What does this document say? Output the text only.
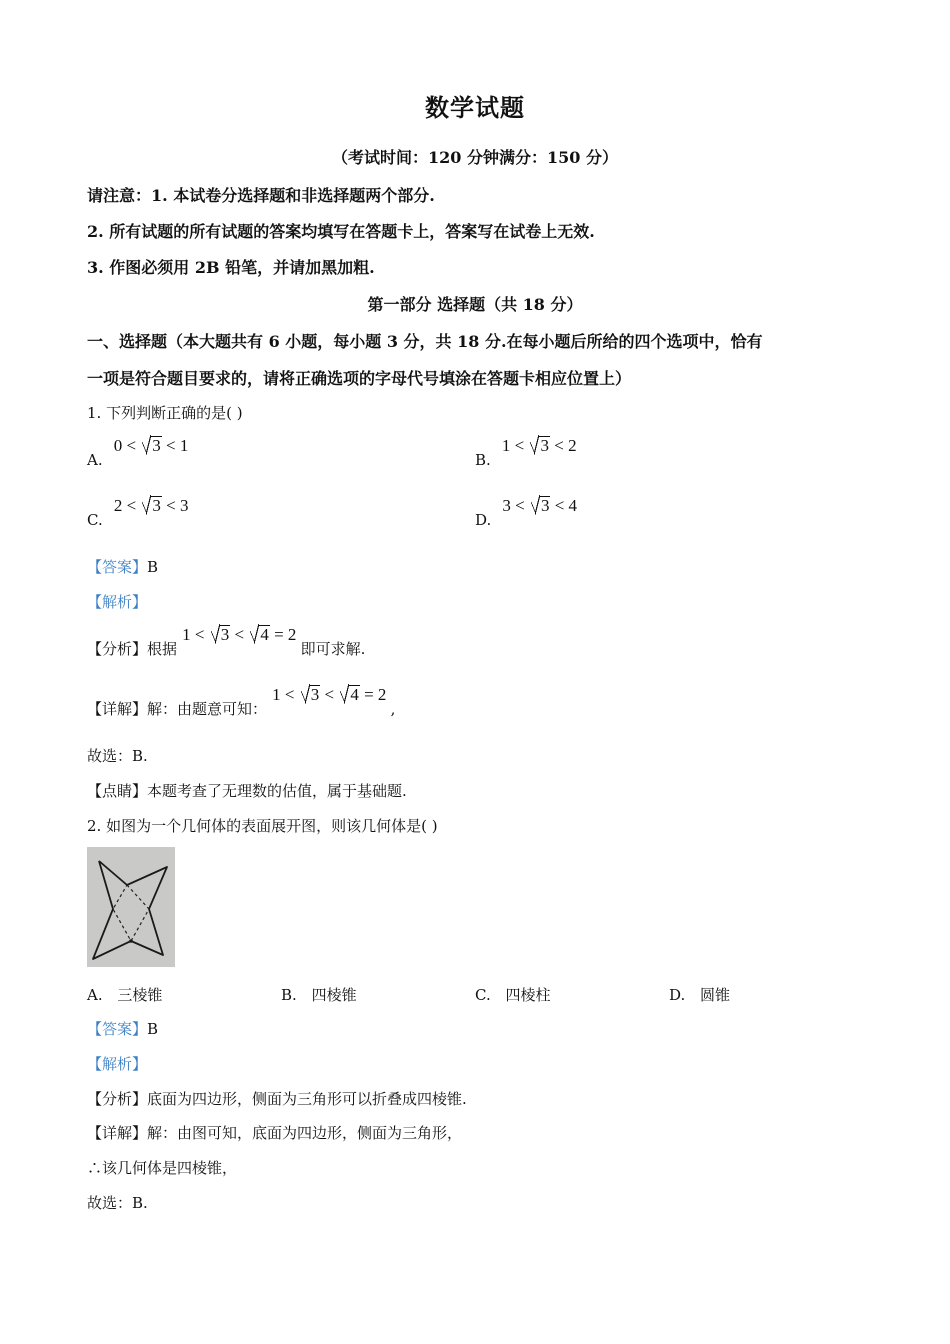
数学试题
（考试时间：120 分钟满分：150 分）
请注意：1. 本试卷分选择题和非选择题两个部分.
2. 所有试题的所有试题的答案均填写在答题卡上，答案写在试卷上无效.
3. 作图必须用 2B 铅笔，并请加黑加粗.
第一部分 选择题（共 18 分）
一、选择题（本大题共有 6 小题，每小题 3 分，共 18 分.在每小题后所给的四个选项中，恰有
一项是符合题目要求的，请将正确选项的字母代号填涂在答题卡相应位置上）
1. 下列判断正确的是( )
A. 0 < 3 < 1
B. 1 < 3 < 2
C. 2 < 3 < 3
D. 3 < 3 < 4
【答案】B
【解析】
【分析】根据 1 < 3 < 4 = 2 即可求解.
【详解】解：由题意可知： 1 < 3 < 4 = 2 ,
故选：B.
【点睛】本题考查了无理数的估值，属于基础题.
2. 如图为一个几何体的表面展开图，则该几何体是( )
A. 三棱锥	B. 四棱锥	C. 四棱柱	D. 圆锥
【答案】B
【解析】
【分析】底面为四边形，侧面为三角形可以折叠成四棱锥.
【详解】解：由图可知，底面为四边形，侧面为三角形，
∴该几何体是四棱锥，
故选：B.
